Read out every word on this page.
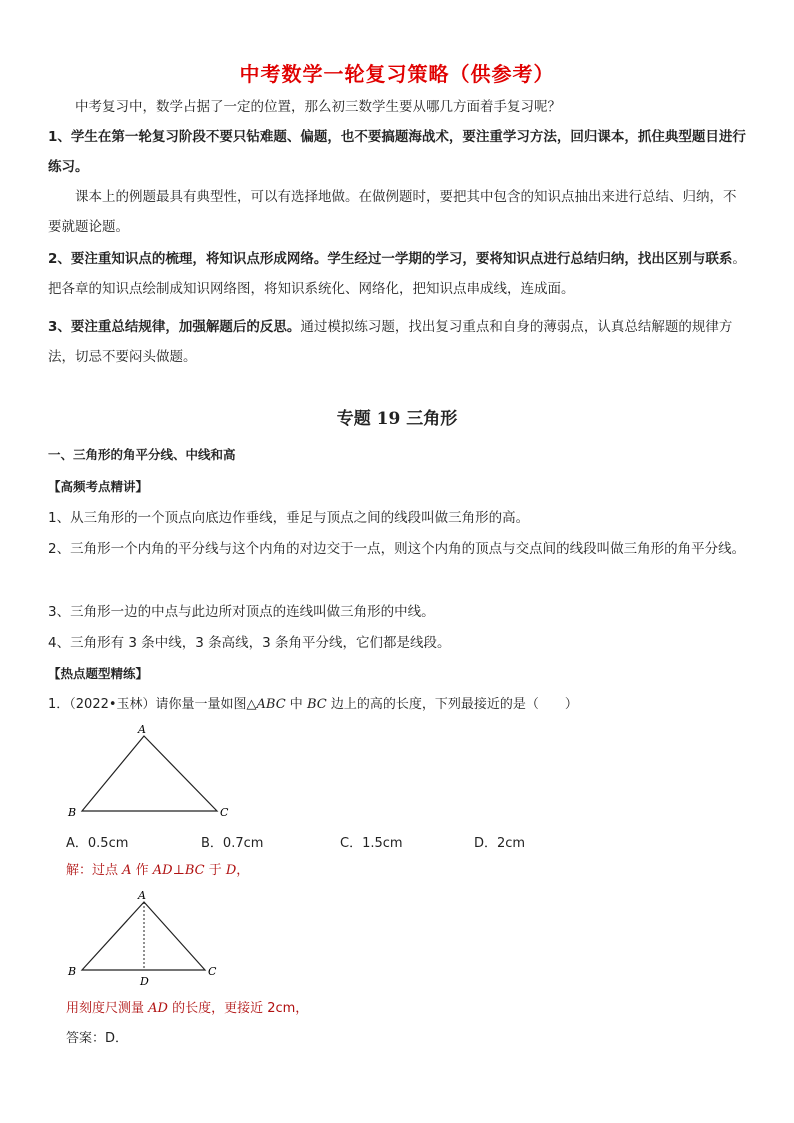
中考数学一轮复习策略（供参考）
中考复习中，数学占据了一定的位置，那么初三数学生要从哪几方面着手复习呢？
1、学生在第一轮复习阶段不要只钻难题、偏题，也不要搞题海战术，要注重学习方法，回归课本，抓住典型题目进行练习。
课本上的例题最具有典型性，可以有选择地做。在做例题时，要把其中包含的知识点抽出来进行总结、归纳，不要就题论题。
2、要注重知识点的梳理，将知识点形成网络。学生经过一学期的学习，要将知识点进行总结归纳，找出区别与联系。把各章的知识点绘制成知识网络图，将知识系统化、网络化，把知识点串成线，连成面。
3、要注重总结规律，加强解题后的反思。通过模拟练习题，找出复习重点和自身的薄弱点，认真总结解题的规律方法，切忌不要闷头做题。
专题 19 三角形
一、三角形的角平分线、中线和高
【高频考点精讲】
1、从三角形的一个顶点向底边作垂线，垂足与顶点之间的线段叫做三角形的高。
2、三角形一个内角的平分线与这个内角的对边交于一点，则这个内角的顶点与交点间的线段叫做三角形的角平分线。
3、三角形一边的中点与此边所对顶点的连线叫做三角形的中线。
4、三角形有 3 条中线，3 条高线，3 条角平分线，它们都是线段。
【热点题型精练】
1．（2022•玉林）请你量一量如图△ABC 中 BC 边上的高的长度，下列最接近的是（　　）
A
B	C
A．0.5cm	B．0.7cm	C．1.5cm	D．2cm
解：过点 A 作 AD⊥BC 于 D，
A
B	C
D
用刻度尺测量 AD 的长度，更接近 2cm，
答案：D．
